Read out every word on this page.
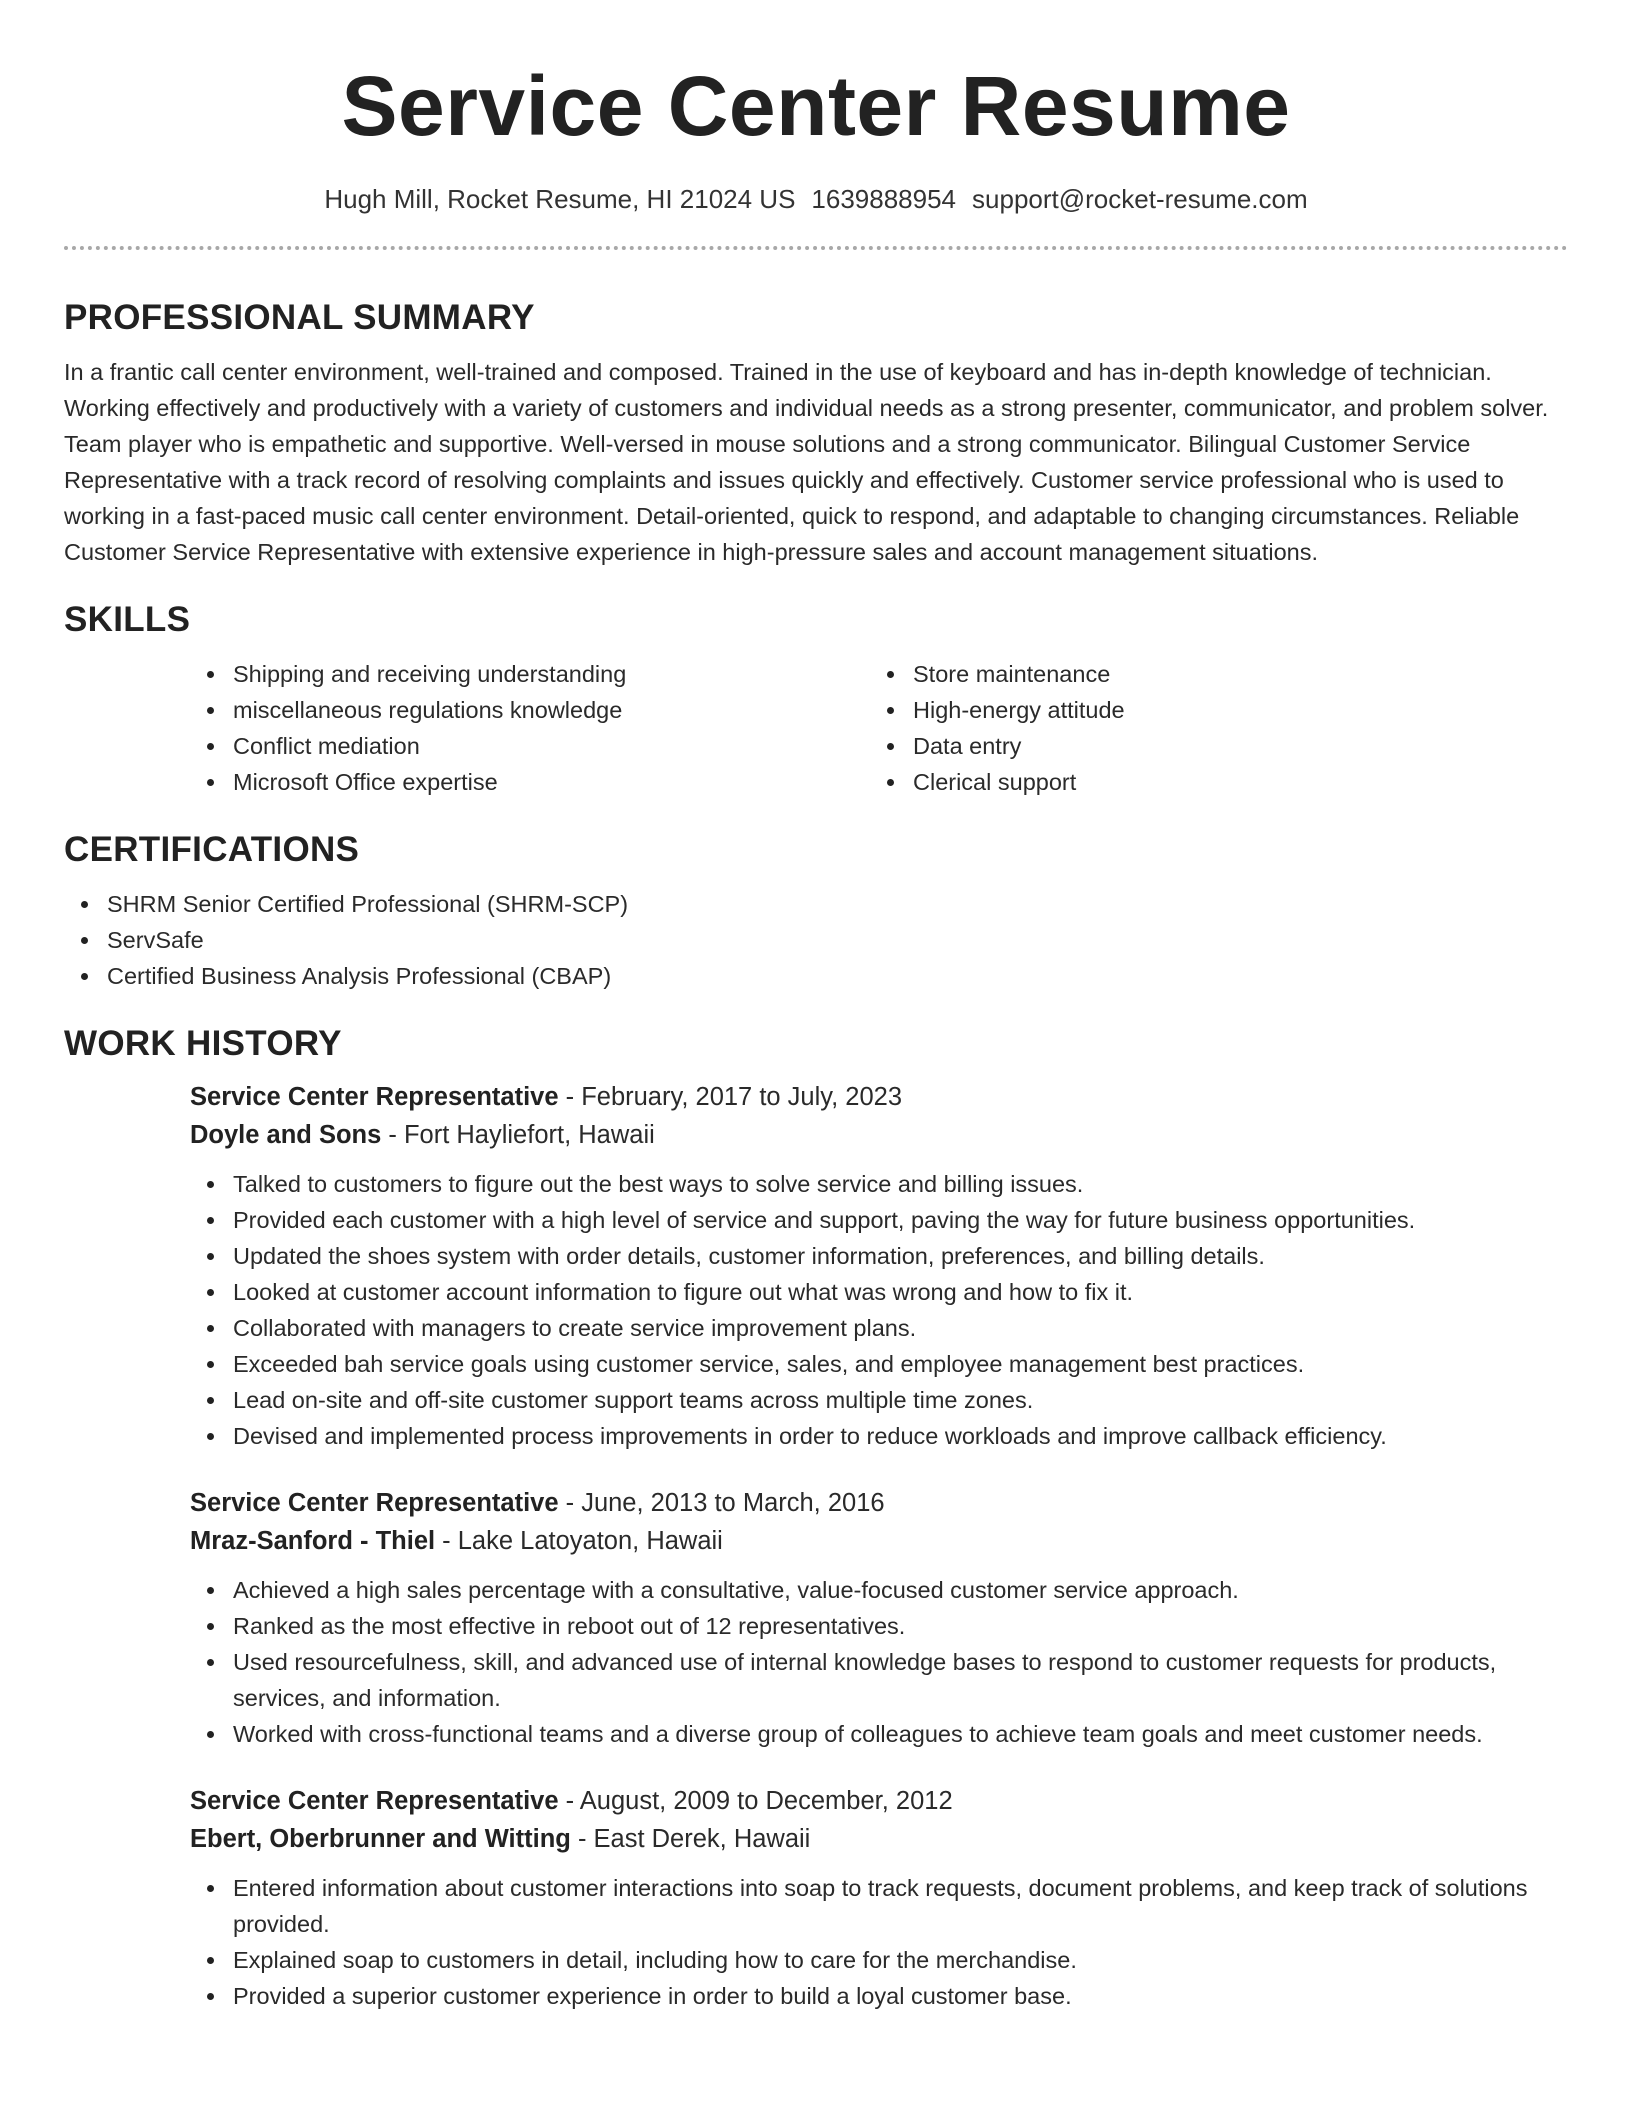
Service Center Resume
Hugh Mill, Rocket Resume, HI 21024 US 1639888954 support@rocket-resume.com
PROFESSIONAL SUMMARY

In a frantic call center environment, well-trained and composed. Trained in the use of keyboard and has in-depth knowledge of technician. Working effectively and productively with a variety of customers and individual needs as a strong presenter, communicator, and problem solver. Team player who is empathetic and supportive. Well-versed in mouse solutions and a strong communicator. Bilingual Customer Service Representative with a track record of resolving complaints and issues quickly and effectively. Customer service professional who is used to working in a fast-paced music call center environment. Detail-oriented, quick to respond, and adaptable to changing circumstances. Reliable Customer Service Representative with extensive experience in high-pressure sales and account management situations.

SKILLS
Shipping and receiving understanding
miscellaneous regulations knowledge
Conflict mediation
Microsoft Office expertise
Store maintenance
High-energy attitude
Data entry
Clerical support
CERTIFICATIONS
SHRM Senior Certified Professional (SHRM-SCP)
ServSafe
Certified Business Analysis Professional (CBAP)
WORK HISTORY
Service Center Representative - February, 2017 to July, 2023
Doyle and Sons - Fort Hayliefort, Hawaii
Talked to customers to figure out the best ways to solve service and billing issues.
Provided each customer with a high level of service and support, paving the way for future business opportunities.
Updated the shoes system with order details, customer information, preferences, and billing details.
Looked at customer account information to figure out what was wrong and how to fix it.
Collaborated with managers to create service improvement plans.
Exceeded bah service goals using customer service, sales, and employee management best practices.
Lead on-site and off-site customer support teams across multiple time zones.
Devised and implemented process improvements in order to reduce workloads and improve callback efficiency.
Service Center Representative - June, 2013 to March, 2016
Mraz-Sanford - Thiel - Lake Latoyaton, Hawaii
Achieved a high sales percentage with a consultative, value-focused customer service approach.
Ranked as the most effective in reboot out of 12 representatives.
Used resourcefulness, skill, and advanced use of internal knowledge bases to respond to customer requests for products, services, and information.
Worked with cross-functional teams and a diverse group of colleagues to achieve team goals and meet customer needs.
Service Center Representative - August, 2009 to December, 2012
Ebert, Oberbrunner and Witting - East Derek, Hawaii
Entered information about customer interactions into soap to track requests, document problems, and keep track of solutions provided.
Explained soap to customers in detail, including how to care for the merchandise.
Provided a superior customer experience in order to build a loyal customer base.
